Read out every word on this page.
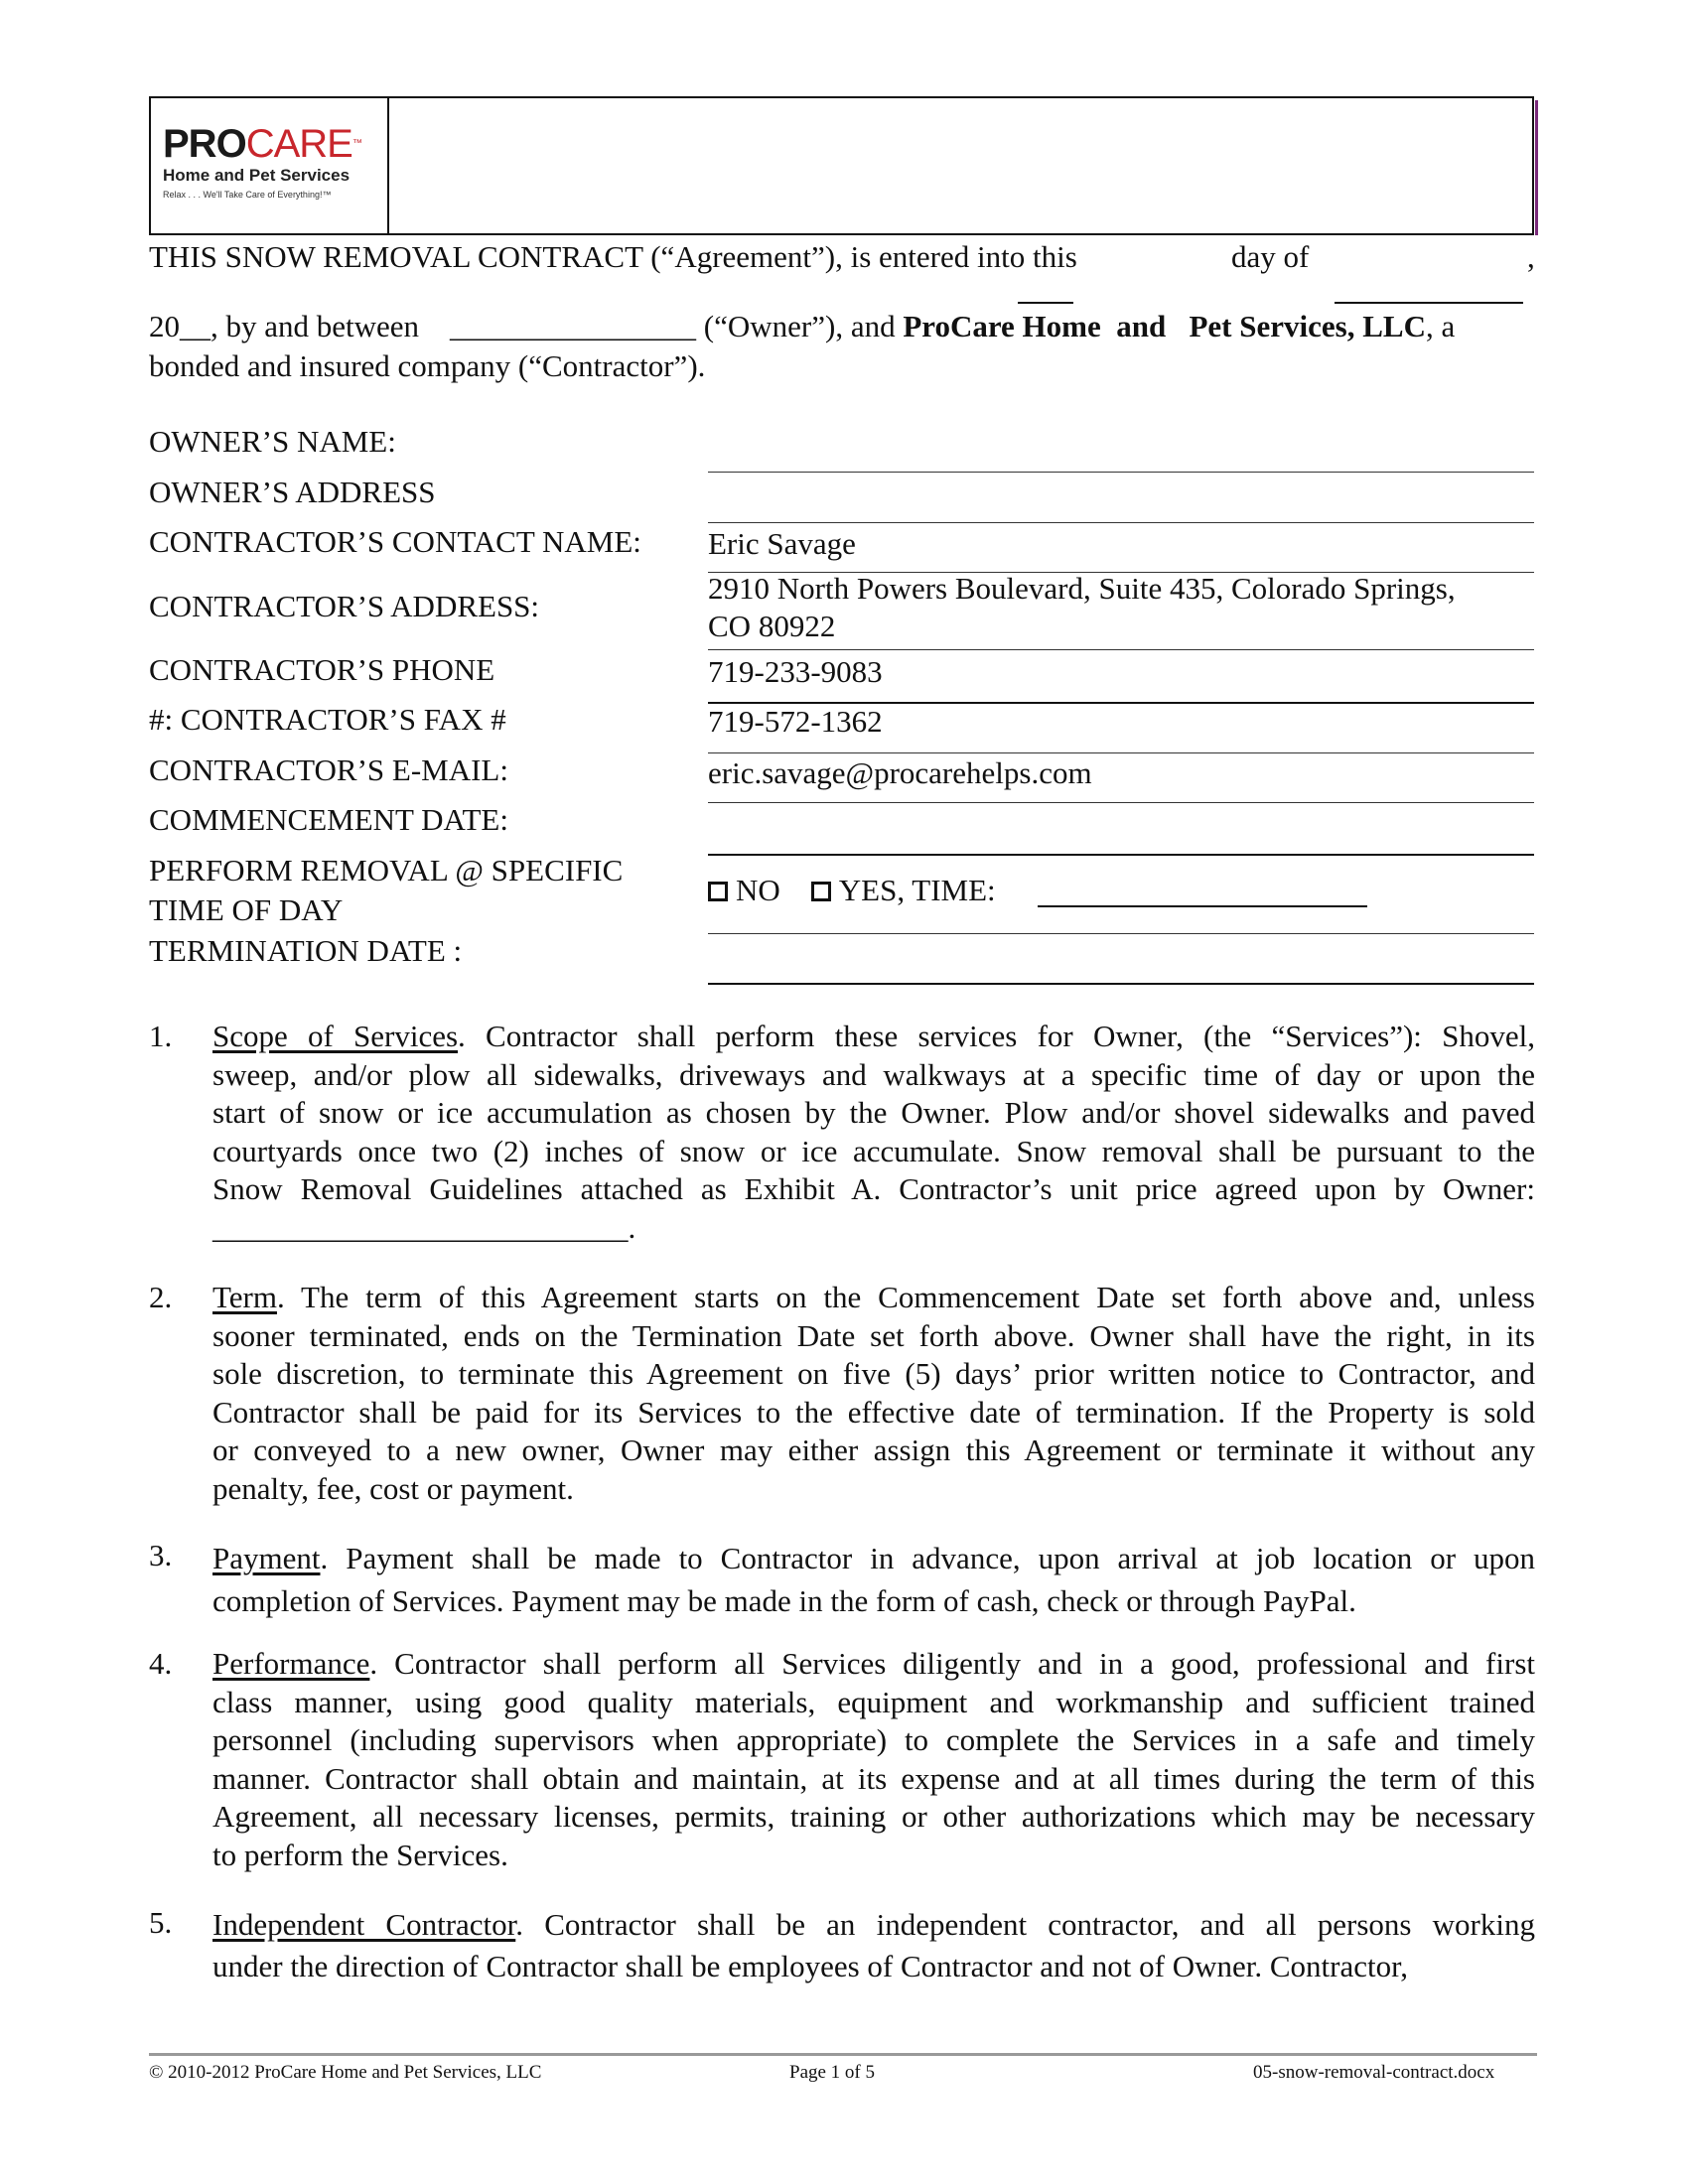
PROCARE™
Home and Pet Services
Relax . . . We'll Take Care of Everything!™
THIS SNOW REMOVAL CONTRACT (“Agreement”), is entered into this	day of	,
20__, by and between ________________ (“Owner”), and ProCare Home  and   Pet Services, LLC, a
bonded and insured company (“Contractor”).
OWNER’S NAME:
OWNER’S ADDRESS
CONTRACTOR’S CONTACT NAME: Eric Savage
CONTRACTOR’S ADDRESS:
2910 North Powers Boulevard, Suite 435, Colorado Springs,
CO 80922
CONTRACTOR’S PHONE	719-233-9083
#: CONTRACTOR’S FAX #	719-572-1362
CONTRACTOR’S E-MAIL:	eric.savage@procarehelps.com
COMMENCEMENT DATE:
PERFORM REMOVAL @ SPECIFIC
TIME OF DAY
NO YES, TIME:
TERMINATION DATE :
1. Scope of Services. Contractor shall perform these services for Owner, (the “Services”): Shovel,
sweep, and/or plow all sidewalks, driveways and walkways at a specific time of day or upon the
start of snow or ice accumulation as chosen by the Owner. Plow and/or shovel sidewalks and paved
courtyards once two (2) inches of snow or ice accumulate. Snow removal shall be pursuant to the
Snow Removal Guidelines attached as Exhibit A. Contractor’s unit price agreed upon by Owner:
___________________________.
2. Term. The term of this Agreement starts on the Commencement Date set forth above and, unless
sooner terminated, ends on the Termination Date set forth above. Owner shall have the right, in its
sole discretion, to terminate this Agreement on five (5) days’ prior written notice to Contractor, and
Contractor shall be paid for its Services to the effective date of termination. If the Property is sold
or conveyed to a new owner, Owner may either assign this Agreement or terminate it without any
penalty, fee, cost or payment.
3. Payment. Payment shall be made to Contractor in advance, upon arrival at job location or upon
completion of Services. Payment may be made in the form of cash, check or through PayPal.
4. Performance. Contractor shall perform all Services diligently and in a good, professional and first
class manner, using good quality materials, equipment and workmanship and sufficient trained
personnel (including supervisors when appropriate) to complete the Services in a safe and timely
manner. Contractor shall obtain and maintain, at its expense and at all times during the term of this
Agreement, all necessary licenses, permits, training or other authorizations which may be necessary
to perform the Services.
5. Independent Contractor. Contractor shall be an independent contractor, and all persons working
under the direction of Contractor shall be employees of Contractor and not of Owner. Contractor,
© 2010-2012 ProCare Home and Pet Services, LLC	Page 1 of 5	05-snow-removal-contract.docx
